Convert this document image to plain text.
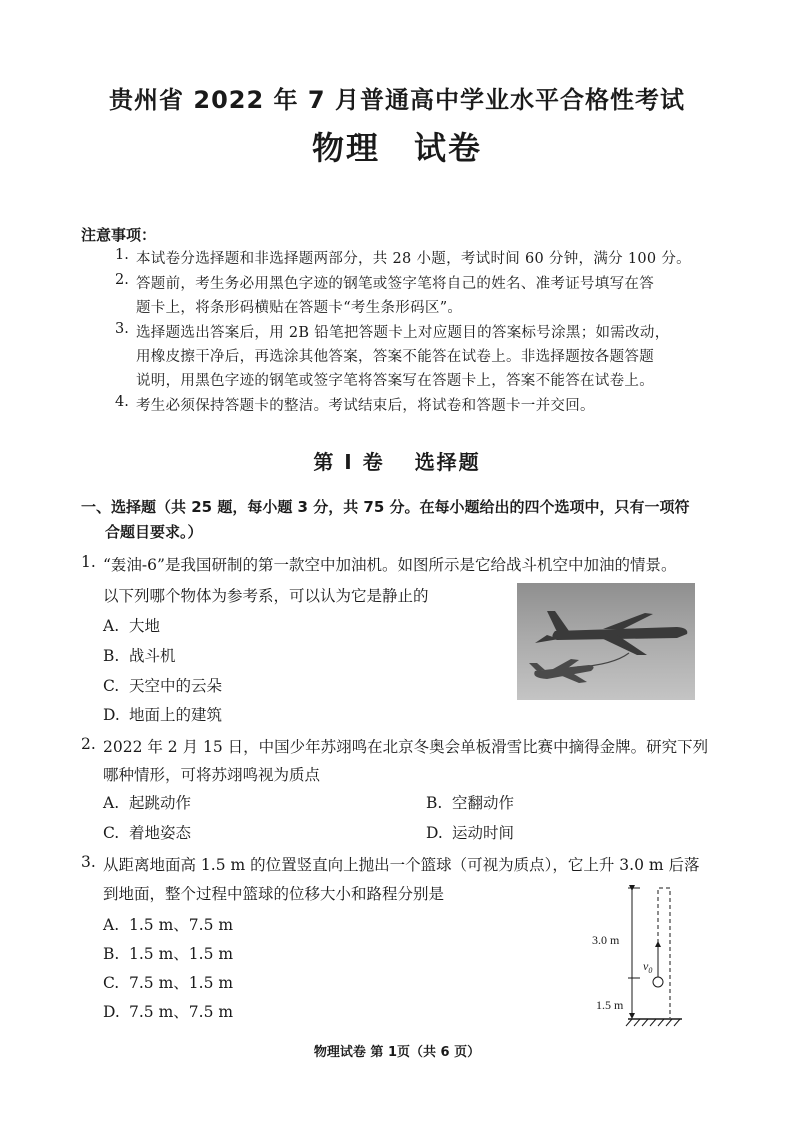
贵州省 2022 年 7 月普通高中学业水平合格性考试
物理 试卷
注意事项：
1. 本试卷分选择题和非选择题两部分，共 28 小题，考试时间 60 分钟，满分 100 分。
2. 答题前，考生务必用黑色字迹的钢笔或签字笔将自己的姓名、准考证号填写在答
题卡上，将条形码横贴在答题卡“考生条形码区”。
3. 选择题选出答案后，用 2B 铅笔把答题卡上对应题目的答案标号涂黑；如需改动，
用橡皮擦干净后，再选涂其他答案，答案不能答在试卷上。非选择题按各题答题
说明，用黑色字迹的钢笔或签字笔将答案写在答题卡上，答案不能答在试卷上。
4. 考生必须保持答题卡的整洁。考试结束后，将试卷和答题卡一并交回。
第 I 卷 选择题
一、选择题（共 25 题，每小题 3 分，共 75 分。在每小题给出的四个选项中，只有一项符
合题目要求。）
1. “轰油-6”是我国研制的第一款空中加油机。如图所示是它给战斗机空中加油的情景。
以下列哪个物体为参考系，可以认为它是静止的
A. 大地
B. 战斗机
C. 天空中的云朵
D. 地面上的建筑
2. 2022 年 2 月 15 日，中国少年苏翊鸣在北京冬奥会单板滑雪比赛中摘得金牌。研究下列
哪种情形，可将苏翊鸣视为质点
A. 起跳动作	B. 空翻动作
C. 着地姿态	D. 运动时间
3. 从距离地面高 1.5 m 的位置竖直向上抛出一个篮球（可视为质点），它上升 3.0 m 后落
到地面，整个过程中篮球的位移大小和路程分别是
A. 1.5 m、7.5 m
B. 1.5 m、1.5 m
C. 7.5 m、1.5 m
D. 7.5 m、7.5 m
3.0 m
1.5 m
$v_0$
物理试卷 第 1页（共 6 页）
